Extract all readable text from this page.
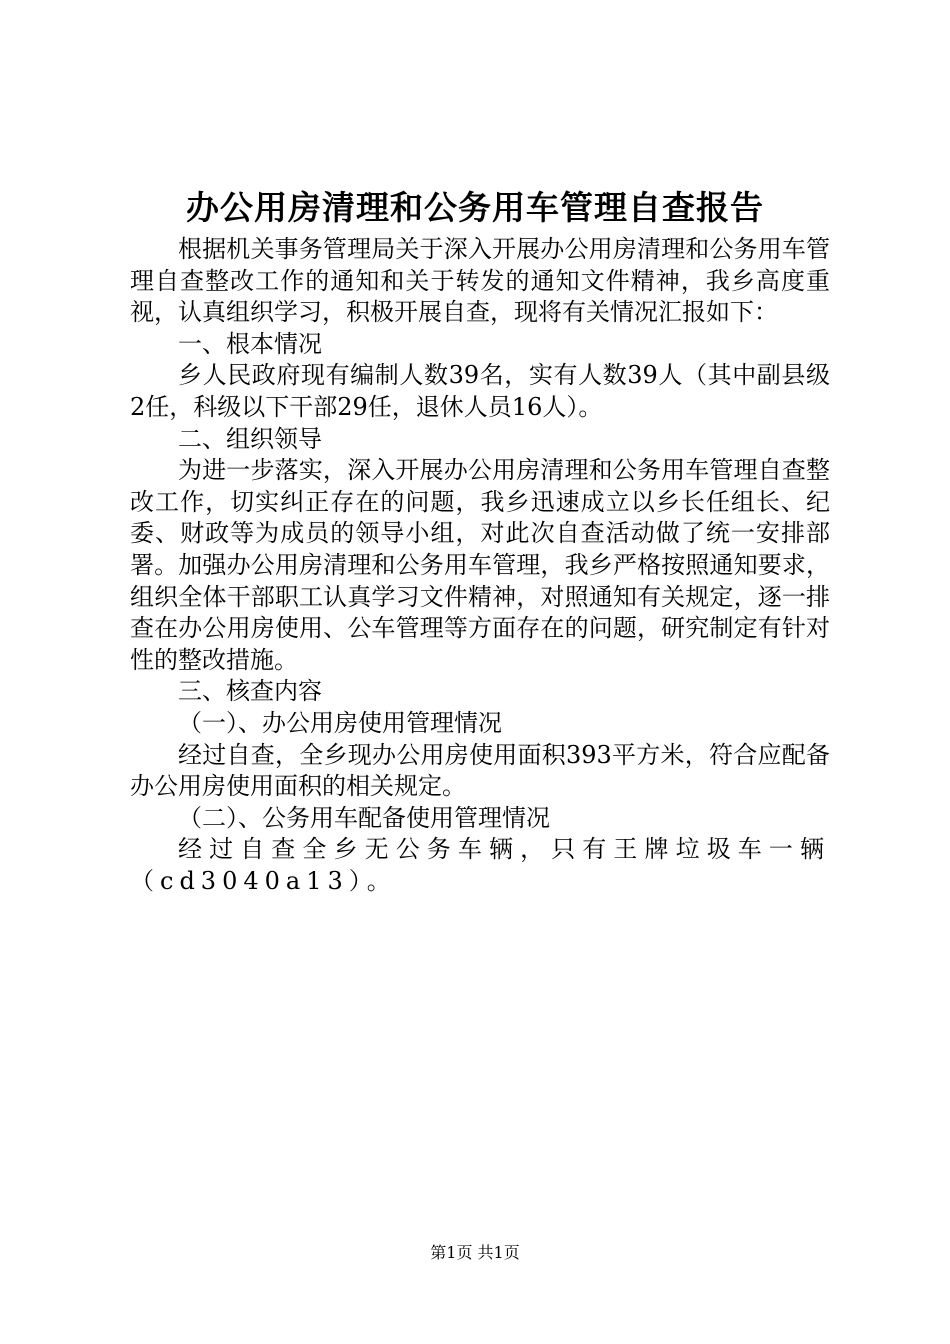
办公用房清理和公务用车管理自查报告

根据机关事务管理局关于深入开展办公用房清理和公务用车管理自查整改工作的通知和关于转发的通知文件精神，我乡高度重视，认真组织学习，积极开展自查，现将有关情况汇报如下：

一、根本情况

乡人民政府现有编制人数39名，实有人数39人（其中副县级2任，科级以下干部29任，退休人员16人）。

二、组织领导

为进一步落实，深入开展办公用房清理和公务用车管理自查整改工作，切实纠正存在的问题，我乡迅速成立以乡长任组长、纪委、财政等为成员的领导小组，对此次自查活动做了统一安排部署。加强办公用房清理和公务用车管理，我乡严格按照通知要求，组织全体干部职工认真学习文件精神，对照通知有关规定，逐一排查在办公用房使用、公车管理等方面存在的问题，研究制定有针对性的整改措施。

三、核查内容

（一）、办公用房使用管理情况

经过自查，全乡现办公用房使用面积393平方米，符合应配备办公用房使用面积的相关规定。

（二）、公务用车配备使用管理情况

经过自查全乡无公务车辆，只有王牌垃圾车一辆（cd3040a13）。

第1页 共1页
